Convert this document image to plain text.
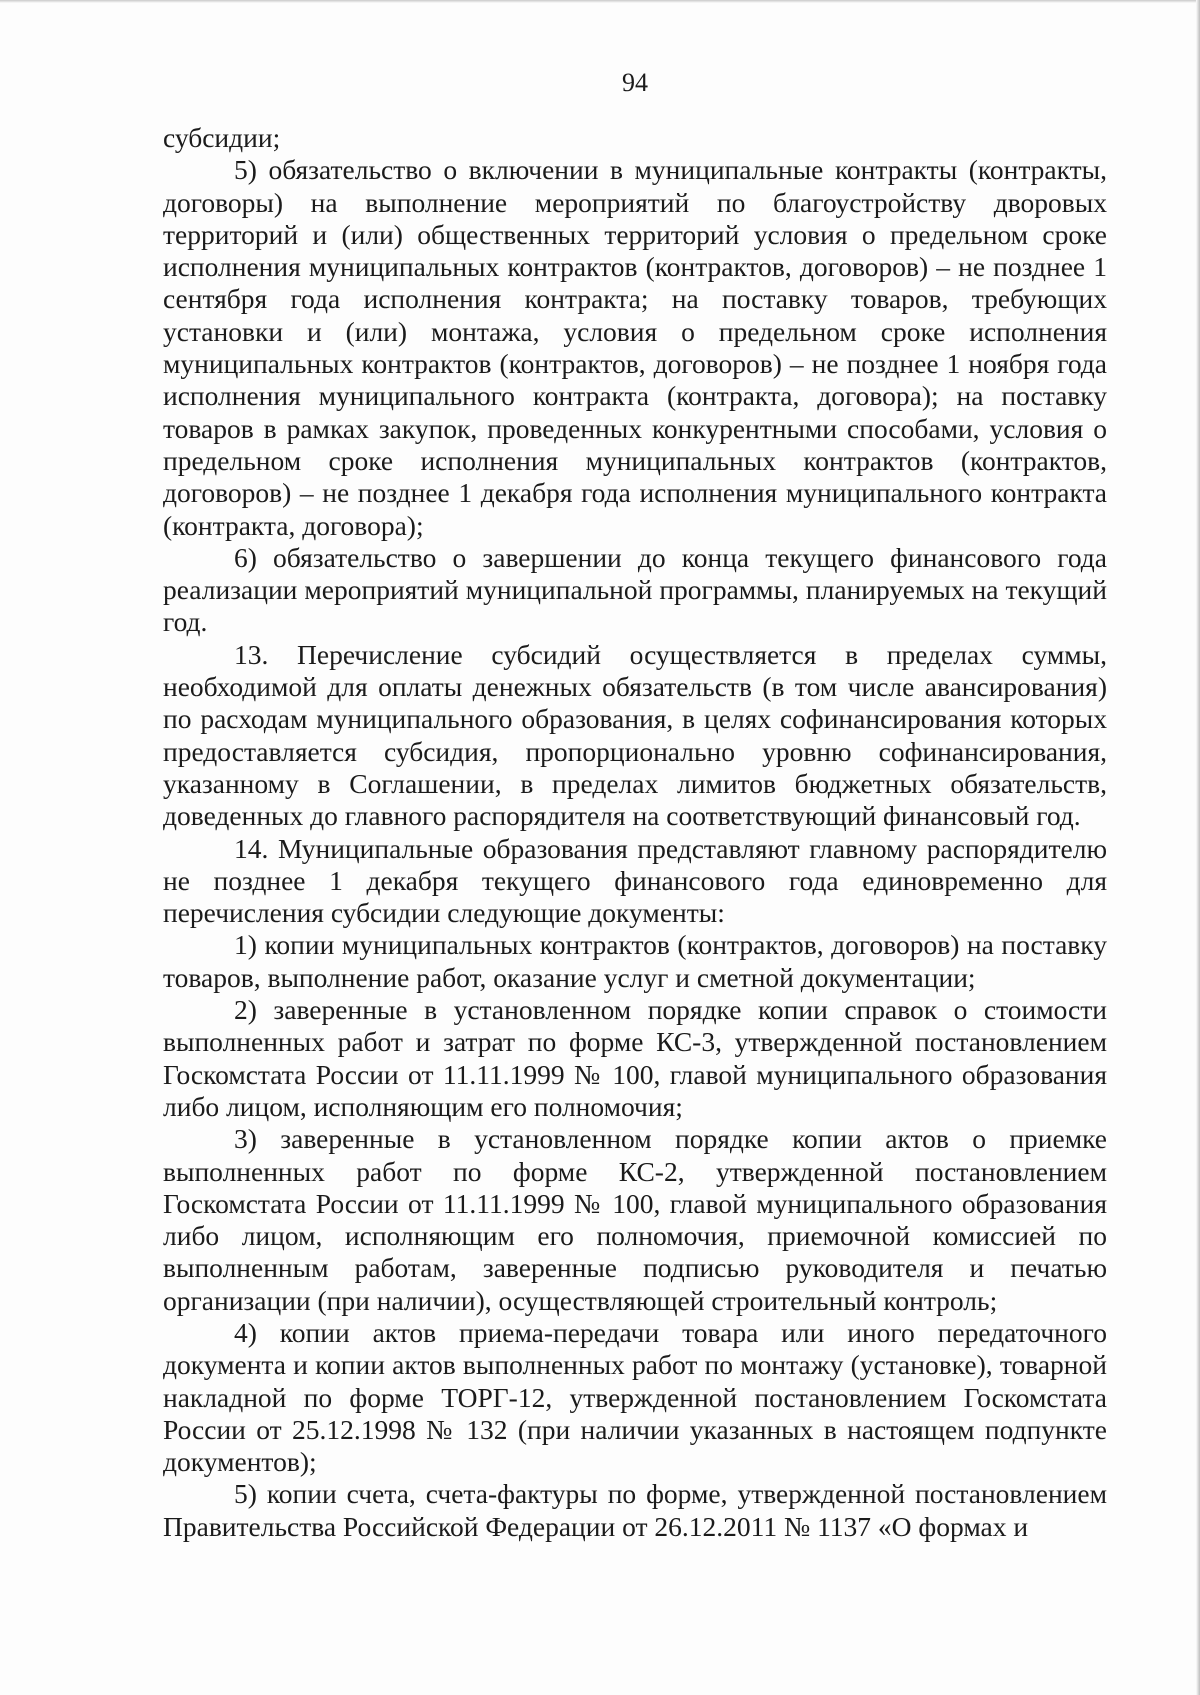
94

субсидии;

5) обязательство о включении в муниципальные контракты (контракты, договоры) на выполнение мероприятий по благоустройству дворовых территорий и (или) общественных территорий условия о предельном сроке исполнения муниципальных контрактов (контрактов, договоров) – не позднее 1 сентября года исполнения контракта; на поставку товаров, требующих установки и (или) монтажа, условия о предельном сроке исполнения муниципальных контрактов (контрактов, договоров) – не позднее 1 ноября года исполнения муниципального контракта (контракта, договора); на поставку товаров в рамках закупок, проведенных конкурентными способами, условия о предельном сроке исполнения муниципальных контрактов (контрактов, договоров) – не позднее 1 декабря года исполнения муниципального контракта (контракта, договора);

6) обязательство о завершении до конца текущего финансового года реализации мероприятий муниципальной программы, планируемых на текущий год.

13. Перечисление субсидий осуществляется в пределах суммы, необходимой для оплаты денежных обязательств (в том числе авансирования) по расходам муниципального образования, в целях софинансирования которых предоставляется субсидия, пропорционально уровню софинансирования, указанному в Соглашении, в пределах лимитов бюджетных обязательств, доведенных до главного распорядителя на соответствующий финансовый год.

14. Муниципальные образования представляют главному распорядителю не позднее 1 декабря текущего финансового года единовременно для перечисления субсидии следующие документы:

1) копии муниципальных контрактов (контрактов, договоров) на поставку товаров, выполнение работ, оказание услуг и сметной документации;

2) заверенные в установленном порядке копии справок о стоимости выполненных работ и затрат по форме КС-3, утвержденной постановлением Госкомстата России от 11.11.1999 № 100, главой муниципального образования либо лицом, исполняющим его полномочия;

3) заверенные в установленном порядке копии актов о приемке выполненных работ по форме КС-2, утвержденной постановлением Госкомстата России от 11.11.1999 № 100, главой муниципального образования либо лицом, исполняющим его полномочия, приемочной комиссией по выполненным работам, заверенные подписью руководителя и печатью организации (при наличии), осуществляющей строительный контроль;

4) копии актов приема-передачи товара или иного передаточного документа и копии актов выполненных работ по монтажу (установке), товарной накладной по форме ТОРГ-12, утвержденной постановлением Госкомстата России от 25.12.1998 № 132 (при наличии указанных в настоящем подпункте документов);

5) копии счета, счета-фактуры по форме, утвержденной постановлением Правительства Российской Федерации от 26.12.2011 № 1137 «О формах и
